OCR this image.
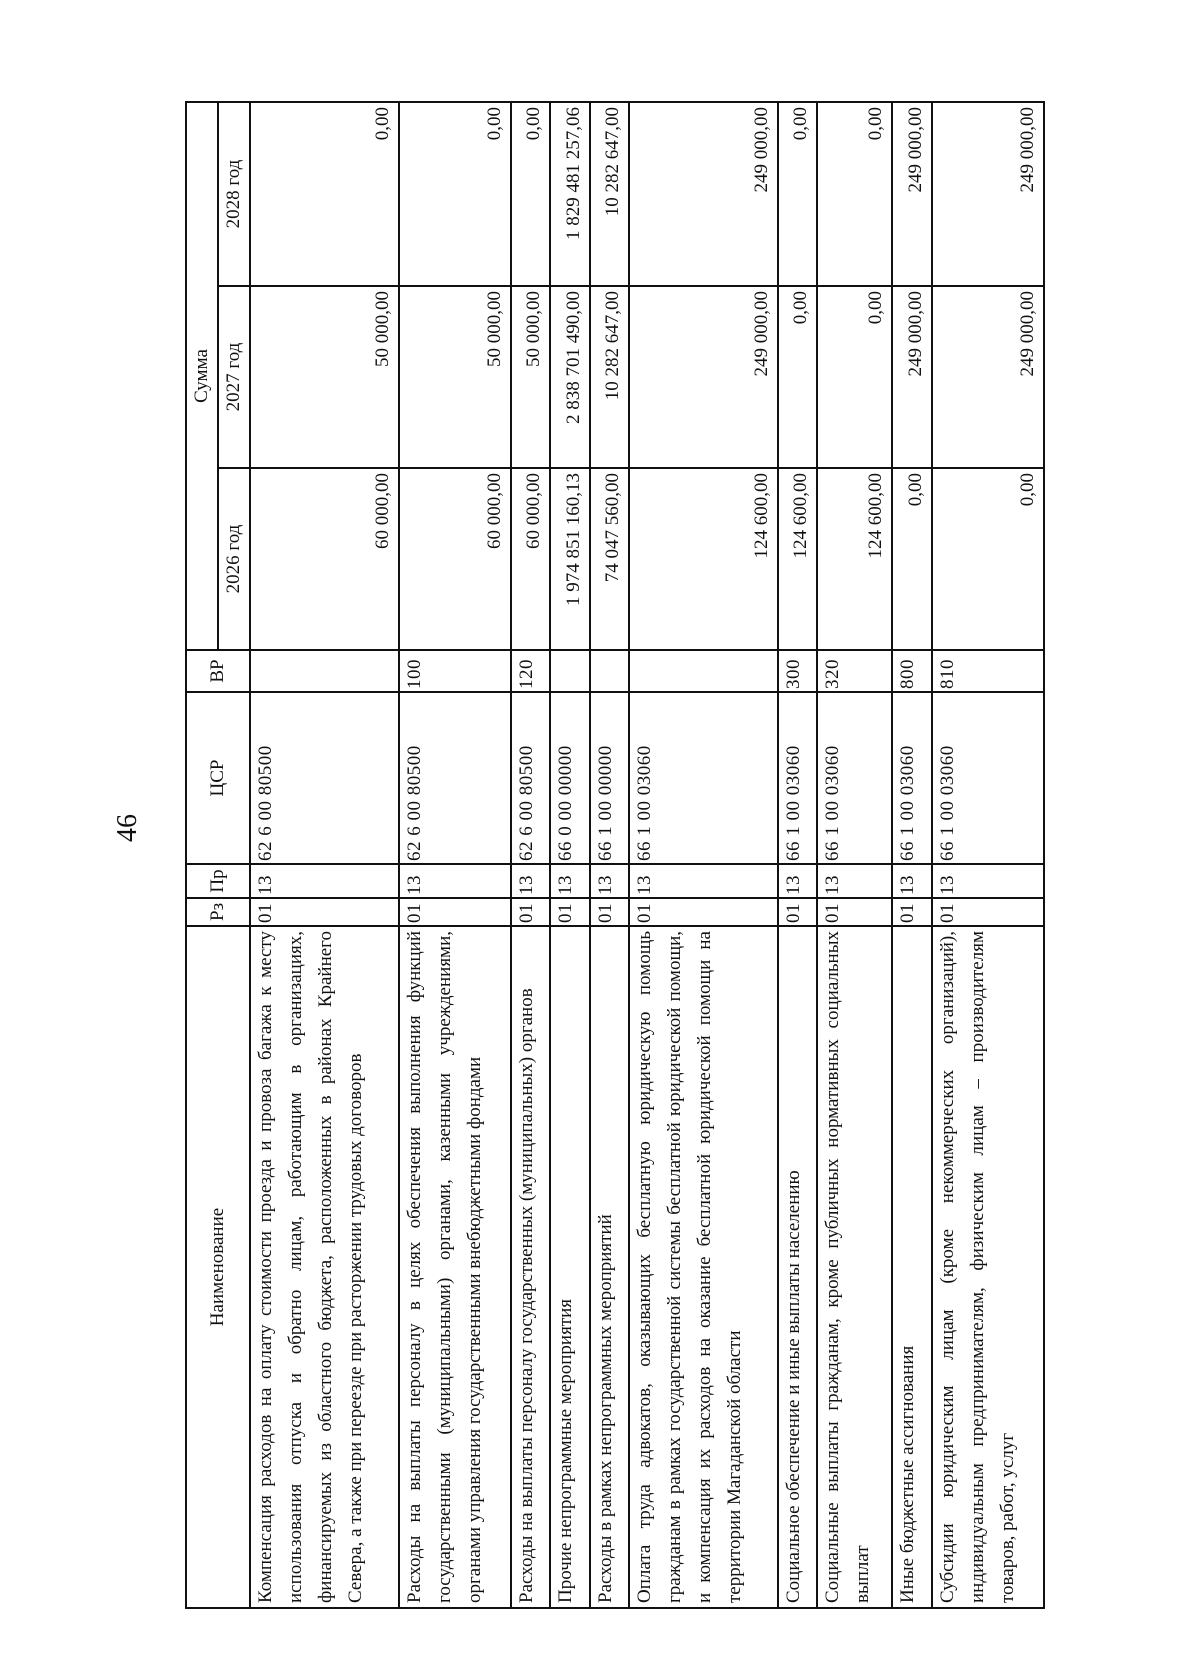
46
Наименование	Рз	Пр	ЦСР	ВР	Сумма		
					2026 год	2027 год	2028 год
Компенсация расходов на оплату стоимости проезда и провоза багажа к месту использования отпуска и обратно лицам, работающим в организациях, финансируемых из областного бюджета, расположенных в районах Крайнего Севера, а также при переезде при расторжении трудовых договоров	01	13	62 6 00 80500		60 000,00	50 000,00	0,00
Расходы на выплаты персоналу в целях обеспечения выполнения функций государственными (муниципальными) органами, казенными учреждениями, органами управления государственными внебюджетными фондами	01	13	62 6 00 80500	100	60 000,00	50 000,00	0,00
Расходы на выплаты персоналу государственных (муниципальных) органов	01	13	62 6 00 80500	120	60 000,00	50 000,00	0,00
Прочие непрограммные мероприятия	01	13	66 0 00 00000		1 974 851 160,13	2 838 701 490,00	1 829 481 257,06
Расходы в рамках непрограммных мероприятий	01	13	66 1 00 00000		74 047 560,00	10 282 647,00	10 282 647,00
Оплата труда адвокатов, оказывающих бесплатную юридическую помощь гражданам в рамках государственной системы бесплатной юридической помощи, и компенсация их расходов на оказание бесплатной юридической помощи на территории Магаданской области	01	13	66 1 00 03060		124 600,00	249 000,00	249 000,00
Социальное обеспечение и иные выплаты населению	01	13	66 1 00 03060	300	124 600,00	0,00	0,00
Социальные выплаты гражданам, кроме публичных нормативных социальных выплат	01	13	66 1 00 03060	320	124 600,00	0,00	0,00
Иные бюджетные ассигнования	01	13	66 1 00 03060	800	0,00	249 000,00	249 000,00
Субсидии юридическим лицам (кроме некоммерческих организаций), индивидуальным предпринимателям, физическим лицам – производителям товаров, работ, услуг	01	13	66 1 00 03060	810	0,00	249 000,00	249 000,00
